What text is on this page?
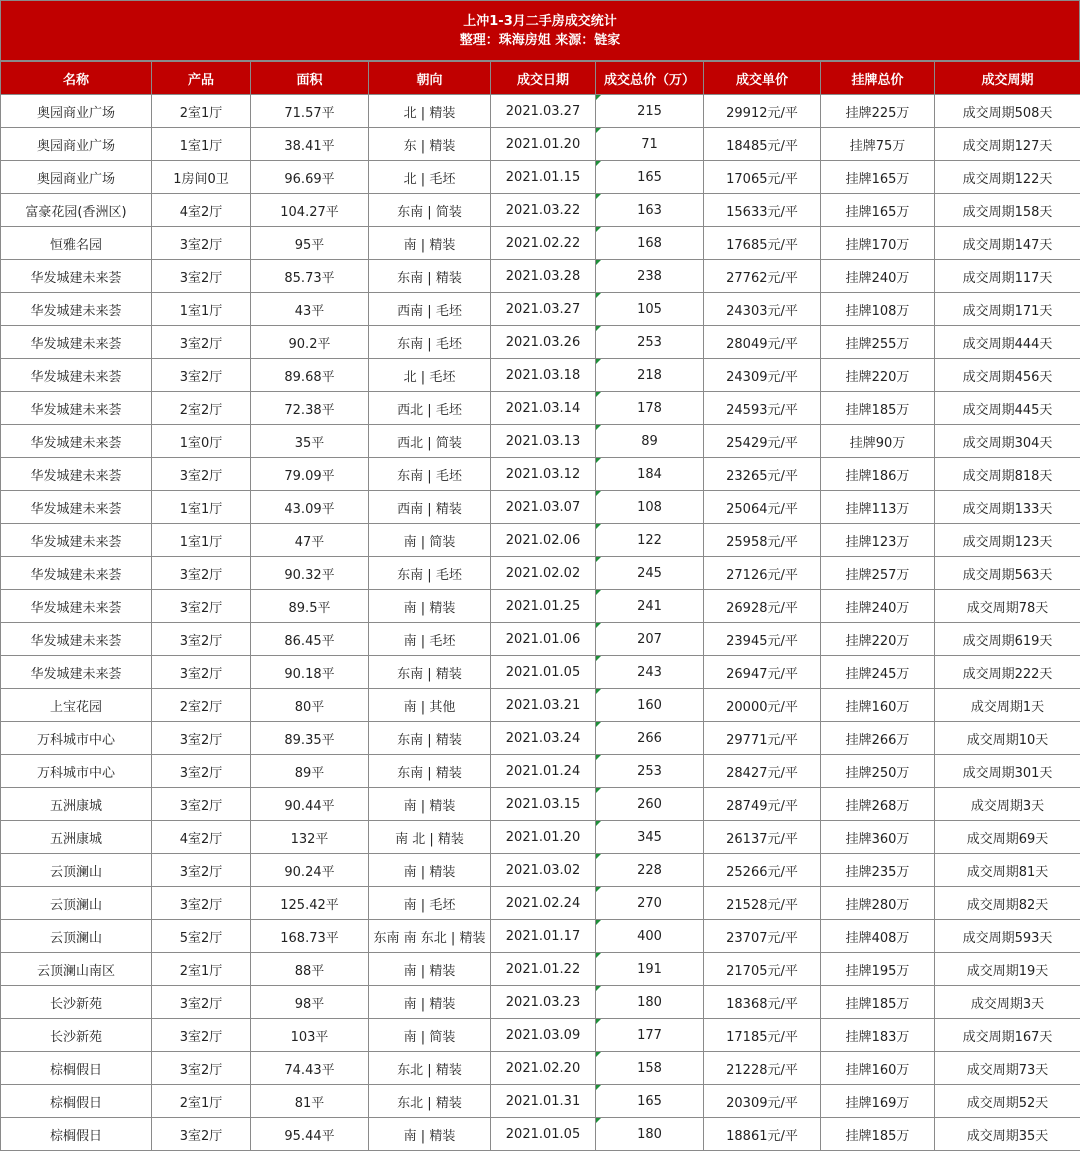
上冲1-3月二手房成交统计
整理：珠海房姐 来源：链家
名称	产品	面积	朝向	成交日期	成交总价（万）	成交单价	挂牌总价	成交周期
奥园商业广场	2室1厅	71.57平	北 | 精装	2021.03.27	215	29912元/平	挂牌225万	成交周期508天
奥园商业广场	1室1厅	38.41平	东 | 精装	2021.01.20	71	18485元/平	挂牌75万	成交周期127天
奥园商业广场	1房间0卫	96.69平	北 | 毛坯	2021.01.15	165	17065元/平	挂牌165万	成交周期122天
富豪花园(香洲区)	4室2厅	104.27平	东南 | 简装	2021.03.22	163	15633元/平	挂牌165万	成交周期158天
恒雅名园	3室2厅	95平	南 | 精装	2021.02.22	168	17685元/平	挂牌170万	成交周期147天
华发城建未来荟	3室2厅	85.73平	东南 | 精装	2021.03.28	238	27762元/平	挂牌240万	成交周期117天
华发城建未来荟	1室1厅	43平	西南 | 毛坯	2021.03.27	105	24303元/平	挂牌108万	成交周期171天
华发城建未来荟	3室2厅	90.2平	东南 | 毛坯	2021.03.26	253	28049元/平	挂牌255万	成交周期444天
华发城建未来荟	3室2厅	89.68平	北 | 毛坯	2021.03.18	218	24309元/平	挂牌220万	成交周期456天
华发城建未来荟	2室2厅	72.38平	西北 | 毛坯	2021.03.14	178	24593元/平	挂牌185万	成交周期445天
华发城建未来荟	1室0厅	35平	西北 | 简装	2021.03.13	89	25429元/平	挂牌90万	成交周期304天
华发城建未来荟	3室2厅	79.09平	东南 | 毛坯	2021.03.12	184	23265元/平	挂牌186万	成交周期818天
华发城建未来荟	1室1厅	43.09平	西南 | 精装	2021.03.07	108	25064元/平	挂牌113万	成交周期133天
华发城建未来荟	1室1厅	47平	南 | 简装	2021.02.06	122	25958元/平	挂牌123万	成交周期123天
华发城建未来荟	3室2厅	90.32平	东南 | 毛坯	2021.02.02	245	27126元/平	挂牌257万	成交周期563天
华发城建未来荟	3室2厅	89.5平	南 | 精装	2021.01.25	241	26928元/平	挂牌240万	成交周期78天
华发城建未来荟	3室2厅	86.45平	南 | 毛坯	2021.01.06	207	23945元/平	挂牌220万	成交周期619天
华发城建未来荟	3室2厅	90.18平	东南 | 精装	2021.01.05	243	26947元/平	挂牌245万	成交周期222天
上宝花园	2室2厅	80平	南 | 其他	2021.03.21	160	20000元/平	挂牌160万	成交周期1天
万科城市中心	3室2厅	89.35平	东南 | 精装	2021.03.24	266	29771元/平	挂牌266万	成交周期10天
万科城市中心	3室2厅	89平	东南 | 精装	2021.01.24	253	28427元/平	挂牌250万	成交周期301天
五洲康城	3室2厅	90.44平	南 | 精装	2021.03.15	260	28749元/平	挂牌268万	成交周期3天
五洲康城	4室2厅	132平	南 北 | 精装	2021.01.20	345	26137元/平	挂牌360万	成交周期69天
云顶澜山	3室2厅	90.24平	南 | 精装	2021.03.02	228	25266元/平	挂牌235万	成交周期81天
云顶澜山	3室2厅	125.42平	南 | 毛坯	2021.02.24	270	21528元/平	挂牌280万	成交周期82天
云顶澜山	5室2厅	168.73平	东南 南 东北 | 精装	2021.01.17	400	23707元/平	挂牌408万	成交周期593天
云顶澜山南区	2室1厅	88平	南 | 精装	2021.01.22	191	21705元/平	挂牌195万	成交周期19天
长沙新苑	3室2厅	98平	南 | 精装	2021.03.23	180	18368元/平	挂牌185万	成交周期3天
长沙新苑	3室2厅	103平	南 | 简装	2021.03.09	177	17185元/平	挂牌183万	成交周期167天
棕榈假日	3室2厅	74.43平	东北 | 精装	2021.02.20	158	21228元/平	挂牌160万	成交周期73天
棕榈假日	2室1厅	81平	东北 | 精装	2021.01.31	165	20309元/平	挂牌169万	成交周期52天
棕榈假日	3室2厅	95.44平	南 | 精装	2021.01.05	180	18861元/平	挂牌185万	成交周期35天
